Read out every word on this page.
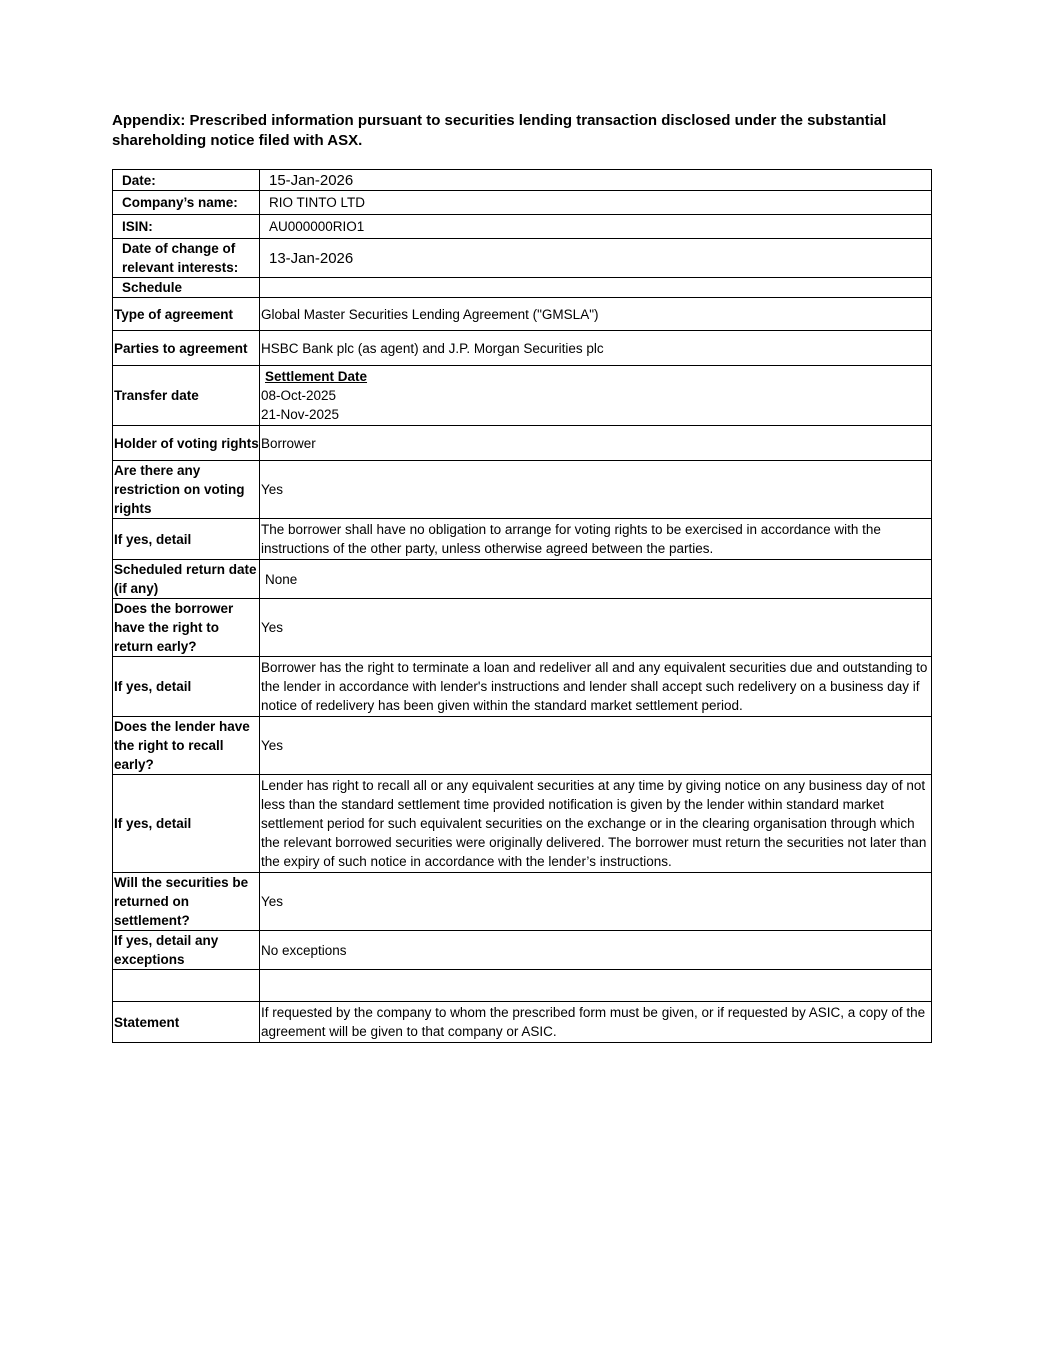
Appendix: Prescribed information pursuant to securities lending transaction disclosed under the substantial shareholding notice filed with ASX.
Date:	15-Jan-2026
Company’s name:	RIO TINTO LTD
ISIN:	AU000000RIO1
Date of change of relevant interests:	13-Jan-2026
Schedule	
Type of agreement	Global Master Securities Lending Agreement ("GMSLA")
Parties to agreement	HSBC Bank plc (as agent) and J.P. Morgan Securities plc
Transfer date	Settlement Date
08-Oct-2025
21-Nov-2025

Holder of voting rights	Borrower
Are there any restriction on voting rights	Yes
If yes, detail	The borrower shall have no obligation to arrange for voting rights to be exercised in accordance with the instructions of the other party, unless otherwise agreed between the parties.
Scheduled return date (if any)	None
Does the borrower have the right to return early?	Yes
If yes, detail	Borrower has the right to terminate a loan and redeliver all and any equivalent securities due and outstanding to the lender in accordance with lender's instructions and lender shall accept such redelivery on a business day if notice of redelivery has been given within the standard market settlement period.
Does the lender have the right to recall early?	Yes
If yes, detail	Lender has right to recall all or any equivalent securities at any time by giving notice on any business day of not less than the standard settlement time provided notification is given by the lender within standard market settlement period for such equivalent securities on the exchange or in the clearing organisation through which the relevant borrowed securities were originally delivered. The borrower must return the securities not later than the expiry of such notice in accordance with the lender’s instructions.
Will the securities be returned on settlement?	Yes
If yes, detail any exceptions	No exceptions

Statement	If requested by the company to whom the prescribed form must be given, or if requested by ASIC, a copy of the agreement will be given to that company or ASIC.
